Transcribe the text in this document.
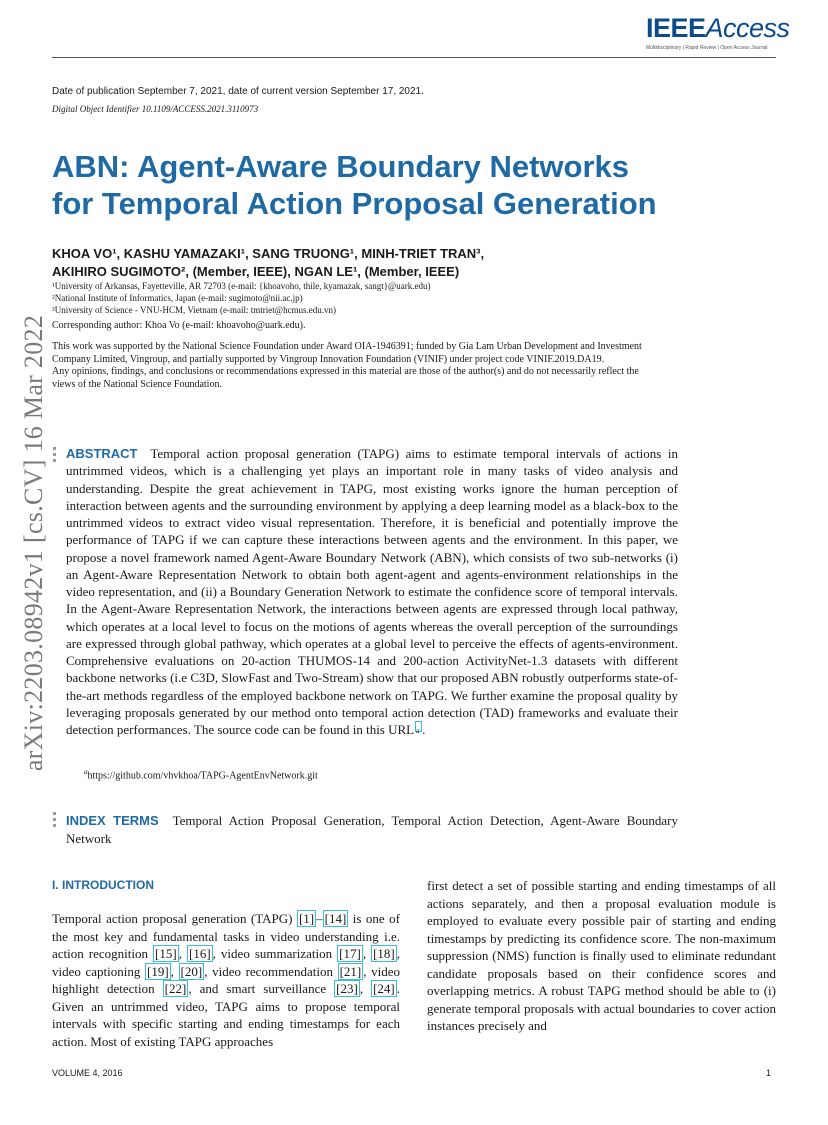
IEEEAccess
Multidisciplinary | Rapid Review | Open Access Journal
Date of publication September 7, 2021, date of current version September 17, 2021.
Digital Object Identifier 10.1109/ACCESS.2021.3110973
ABN: Agent-Aware Boundary Networks
for Temporal Action Proposal Generation
KHOA VO¹, KASHU YAMAZAKI¹, SANG TRUONG¹, MINH-TRIET TRAN³,
AKIHIRO SUGIMOTO², (Member, IEEE), NGAN LE¹, (Member, IEEE)
¹University of Arkansas, Fayetteville, AR 72703 (e-mail: {khoavoho, thile, kyamazak, sangt}@uark.edu)
²National Institute of Informatics, Japan (e-mail: sugimoto@nii.ac.jp)
³University of Science - VNU-HCM, Vietnam (e-mail: tmtriet@hcmus.edu.vn)
Corresponding author: Khoa Vo (e-mail: khoavoho@uark.edu).

This work was supported by the National Science Foundation under Award OIA-1946391; funded by Gia Lam Urban Development and Investment Company Limited, Vingroup, and partially supported by Vingroup Innovation Foundation (VINIF) under project code VINIF.2019.DA19.

Any opinions, findings, and conclusions or recommendations expressed in this material are those of the author(s) and do not necessarily reflect the views of the National Science Foundation.

arXiv:2203.08942v1 [cs.CV] 16 Mar 2022 ABSTRACT Temporal action proposal generation (TAPG) aims to estimate temporal intervals of actions in untrimmed videos, which is a challenging yet plays an important role in many tasks of video analysis and understanding. Despite the great achievement in TAPG, most existing works ignore the human perception of interaction between agents and the surrounding environment by applying a deep learning model as a black-box to the untrimmed videos to extract video visual representation. Therefore, it is beneficial and potentially improve the performance of TAPG if we can capture these interactions between agents and the environment. In this paper, we propose a novel framework named Agent-Aware Boundary Network (ABN), which consists of two sub-networks (i) an Agent-Aware Representation Network to obtain both agent-agent and agents-environment relationships in the video representation, and (ii) a Boundary Generation Network to estimate the confidence score of temporal intervals. In the Agent-Aware Representation Network, the interactions between agents are expressed through local pathway, which operates at a local level to focus on the motions of agents whereas the overall perception of the surroundings are expressed through global pathway, which operates at a global level to perceive the effects of agents-environment. Comprehensive evaluations on 20-action THUMOS-14 and 200-action ActivityNet-1.3 datasets with different backbone networks (i.e C3D, SlowFast and Two-Stream) show that our proposed ABN robustly outperforms state-of-the-art methods regardless of the employed backbone network on TAPG. We further examine the proposal quality by leveraging proposals generated by our method onto temporal action detection (TAD) frameworks and evaluate their detection performances. The source code can be found in this URL $^a$ .
$^a$https://github.com/vhvkhoa/TAPG-AgentEnvNetwork.git
INDEX TERMS Temporal Action Proposal Generation, Temporal Action Detection, Agent-Aware Boundary Network
I. INTRODUCTION
Temporal action proposal generation (TAPG) [1] – [14] is one of the most key and fundamental tasks in video understanding i.e. action recognition [15] , [16] , video summarization [17] , [18] , video captioning [19] , [20] , video recommendation [21] , video highlight detection [22] , and smart surveillance [23] , [24] . Given an untrimmed video, TAPG aims to propose temporal intervals with specific starting and ending timestamps for each action. Most of existing TAPG approaches
first detect a set of possible starting and ending timestamps of all actions separately, and then a proposal evaluation module is employed to evaluate every possible pair of starting and ending timestamps by predicting its confidence score. The non-maximum suppression (NMS) function is finally used to eliminate redundant candidate proposals based on their confidence scores and overlapping metrics. A robust TAPG method should be able to (i) generate temporal proposals with actual boundaries to cover action instances precisely and
VOLUME 4, 2016	1
